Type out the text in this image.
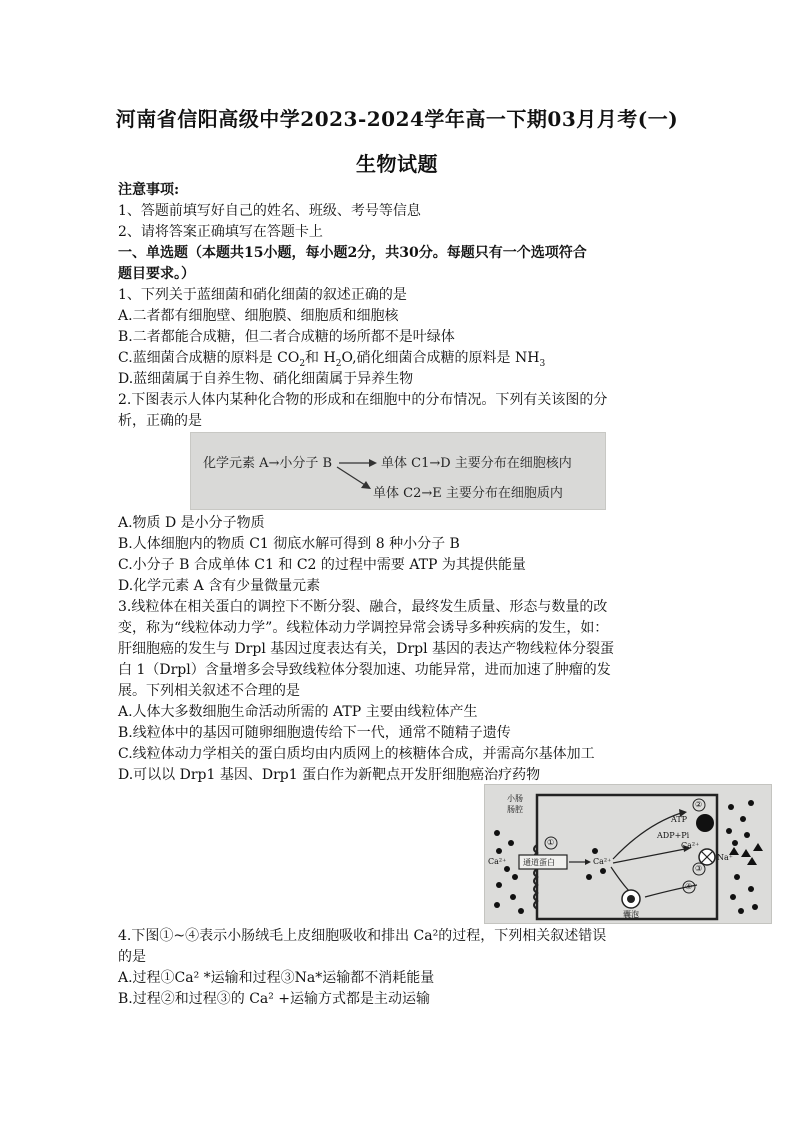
河南省信阳高级中学2023-2024学年高一下期03月月考(一)
生物试题
注意事项:
1、答题前填写好自己的姓名、班级、考号等信息
2、请将答案正确填写在答题卡上
一、单选题（本题共15小题，每小题2分，共30分。每题只有一个选项符合
题目要求。）
1、下列关于蓝细菌和硝化细菌的叙述正确的是
A.二者都有细胞壁、细胞膜、细胞质和细胞核
B.二者都能合成糖，但二者合成糖的场所都不是叶绿体
C.蓝细菌合成糖的原料是 $CO_2$和 $H_2O$,硝化细菌合成糖的原料是 $NH_3$
D.蓝细菌属于自养生物、硝化细菌属于异养生物
2.下图表示人体内某种化合物的形成和在细胞中的分布情况。下列有关该图的分
析，正确的是
化学元素 A→小分子 B	单体 C1→D 主要分布在细胞核内
单体 C2→E 主要分布在细胞质内
A.物质 D 是小分子物质
B.人体细胞内的物质 C1 彻底水解可得到 8 种小分子 B
C.小分子 B 合成单体 C1 和 C2 的过程中需要 ATP 为其提供能量
D.化学元素 A 含有少量微量元素
3.线粒体在相关蛋白的调控下不断分裂、融合，最终发生质量、形态与数量的改
变，称为“线粒体动力学”。线粒体动力学调控异常会诱导多种疾病的发生，如：
肝细胞癌的发生与 Drpl 基因过度表达有关，Drpl 基因的表达产物线粒体分裂蛋
白 1（Drpl）含量增多会导致线粒体分裂加速、功能异常，进而加速了肿瘤的发
展。下列相关叙述不合理的是
A.人体大多数细胞生命活动所需的 ATP 主要由线粒体产生
B.线粒体中的基因可随卵细胞遗传给下一代，通常不随精子遗传
C.线粒体动力学相关的蛋白质均由内质网上的核糖体合成，并需高尔基体加工
D.可以以 Drp1 基因、Drp1 蛋白作为新靶点开发肝细胞癌治疗药物
小肠
肠腔
①
Ca²⁺ 通道蛋白	Ca²⁺
ATP
ADP+Pi
Ca²⁺
Na⁺
②
③
④
囊泡
4.下图①~④表示小肠绒毛上皮细胞吸收和排出 Ca²的过程，下列相关叙述错误
的是
A.过程①Ca² *运输和过程③Na*运输都不消耗能量
B.过程②和过程③的 Ca² +运输方式都是主动运输
